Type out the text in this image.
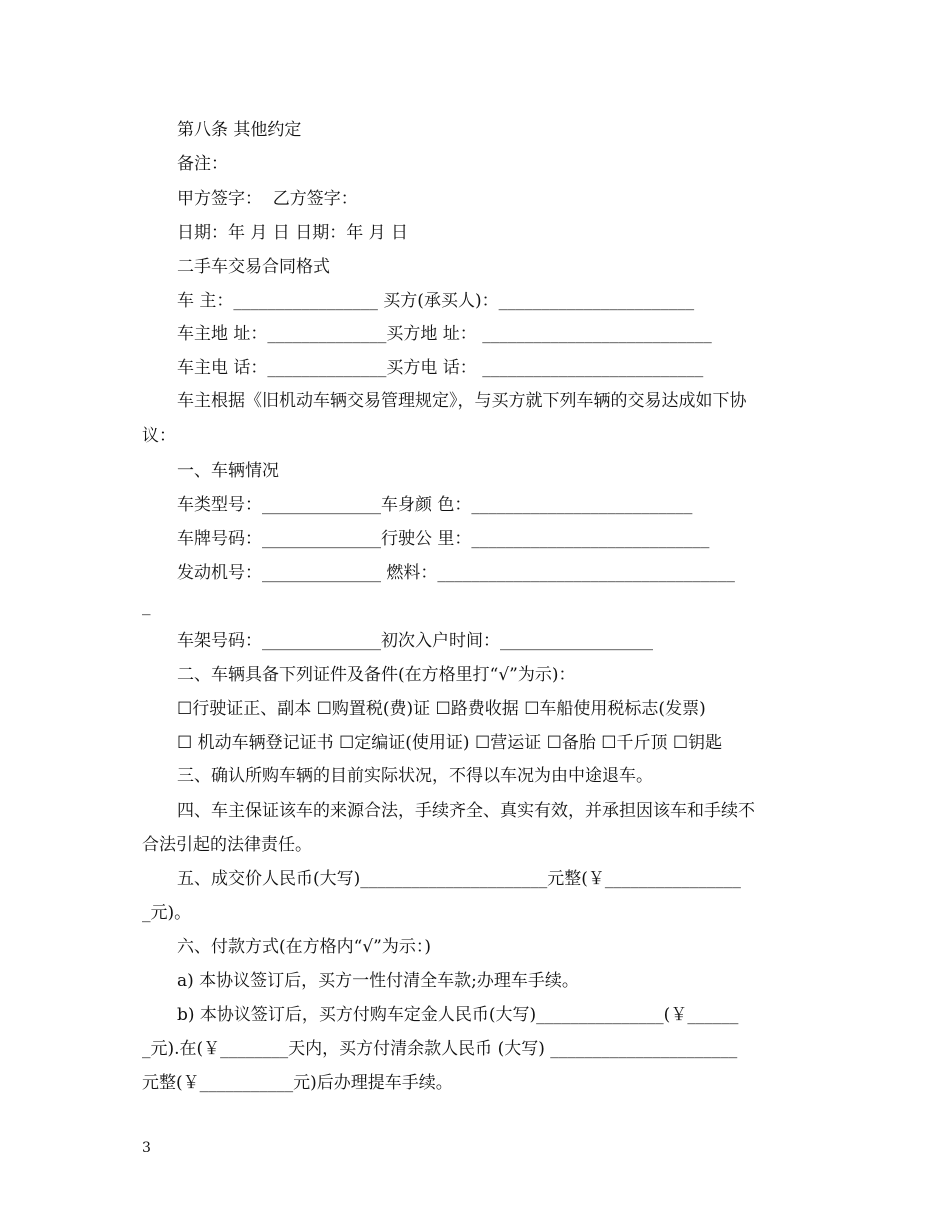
第八条 其他约定
备注：
甲方签字：  乙方签字：
日期：年 月 日 日期：年 月 日
二手车交易合同格式
车 主：_________________ 买方(承买人)：_______________________
车主地 址：______________买方地 址： ___________________________
车主电 话：______________买方电 话： __________________________
车主根据《旧机动车辆交易管理规定》，与买方就下列车辆的交易达成如下协
议：
一、车辆情况
车类型号：______________车身颜 色：__________________________
车牌号码：______________行驶公 里：____________________________
发动机号：______________ 燃料：___________________________________
_
车架号码：______________初次入户时间：__________________
二、车辆具备下列证件及备件(在方格里打“√”为示)：
☐行驶证正、副本 ☐购置税(费)证 ☐路费收据 ☐车船使用税标志(发票)
☐ 机动车辆登记证书 ☐定编证(使用证) ☐营运证 ☐备胎 ☐千斤顶 ☐钥匙
三、确认所购车辆的目前实际状况，不得以车况为由中途退车。
四、车主保证该车的来源合法，手续齐全、真实有效，并承担因该车和手续不
合法引起的法律责任。
五、成交价人民币(大写)______________________元整(￥________________
_元)。
六、付款方式(在方格内“√”为示：)
a) 本协议签订后，买方一性付清全车款;办理车手续。
b) 本协议签订后，买方付购车定金人民币(大写)_______________(￥______
_元).在(￥________天内，买方付清余款人民币 (大写) ______________________
元整(￥___________元)后办理提车手续。
3
